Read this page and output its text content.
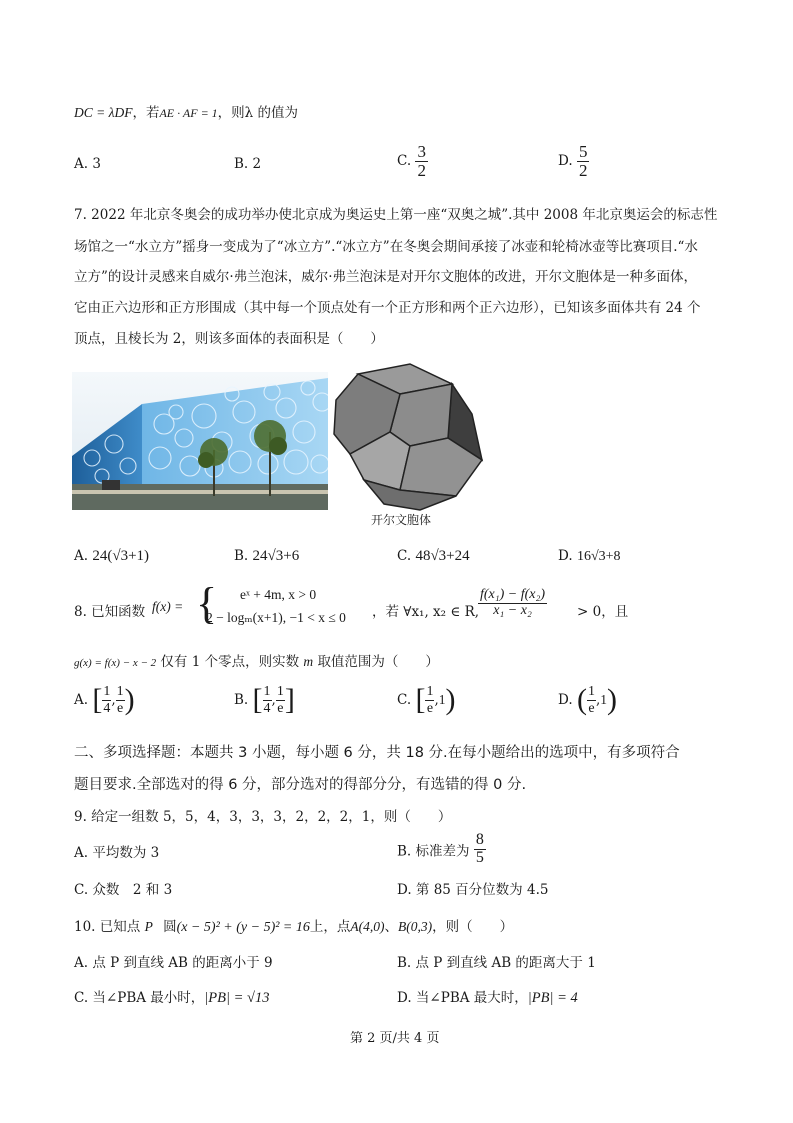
DC = λDF，若AE · AF = 1，则λ 的值为
A. 3	B. 2	C. $\frac{3}{2}$	D. $\frac{5}{2}$
7. 2022 年北京冬奥会的成功举办使北京成为奥运史上第一座“双奥之城”.其中 2008 年北京奥运会的标志性
场馆之一“水立方”摇身一变成为了“冰立方”.“冰立方”在冬奥会期间承接了冰壶和轮椅冰壶等比赛项目.“水
立方”的设计灵感来自威尔·弗兰泡沫，威尔·弗兰泡沫是对开尔文胞体的改进，开尔文胞体是一种多面体，
它由正六边形和正方形围成（其中每一个顶点处有一个正方形和两个正六边形），已知该多面体共有 24 个
顶点，且棱长为 2，则该多面体的表面积是（　　）
开尔文胞体
A. 24(√3+1)	B. 24√3+6	C. 48√3+24	D. 16√3+8
8. 已知函数 f(x) = { eˣ + 4m, x > 0
2 − logₘ(x+1), −1 < x ≤ 0 ，若 ∀x₁, x₂ ∈ R,
$\frac{\text{f(x₁) − f(x₂)}}{\text{x₁ − x₂}} > 0$，且
g(x) = f(x) − x − 2 仅有 1 个零点，则实数 m 取值范围为（　　）
A. [ $\frac{1}{4}$ , $\frac{1}{e}$ )	B. [ $\frac{1}{4}$ , $\frac{1}{e}$ ]	C. [ $\frac{1}{e} ,1$)	D. ( $\frac{1}{e} ,1$)
二、多项选择题：本题共 3 小题，每小题 6 分，共 18 分.在每小题给出的选项中，有多项符合
题目要求.全部选对的得 6 分，部分选对的得部分分，有选错的得 0 分.
9. 给定一组数 5，5，4，3，3，3，2，2，2，1，则（　　）
A. 平均数为 3	B. 标准差为 $\frac{8}{5}$
C. 众数　2 和 3	D. 第 85 百分位数为 4.5
10. 已知点 P 圆(x − 5)² + (y − 5)² = 16上，点A(4,0)、B(0,3)，则（　　）
A. 点 P 到直线 AB 的距离小于 9	B. 点 P 到直线 AB 的距离大于 1
C. 当∠PBA 最小时，|PB| = √13	D. 当∠PBA 最大时，|PB| = 4
第 2 页/共 4 页
